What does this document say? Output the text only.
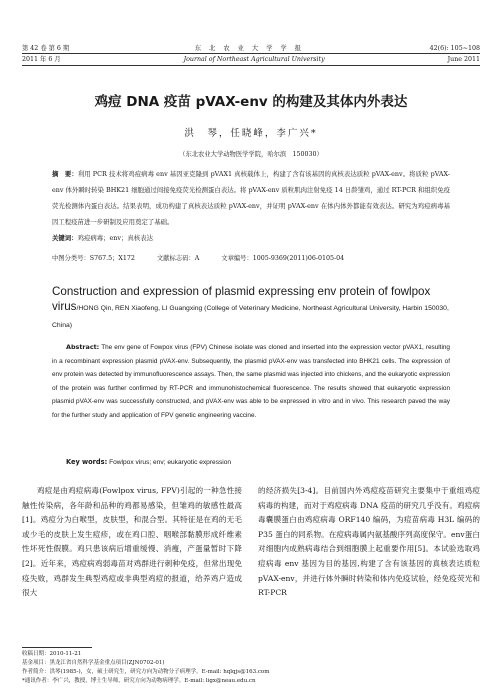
第 42 卷 第 6 期	东 北 农 业 大 学 学 报	42(6): 105~108
2011 年 6 月	Journal of Northeast Agricultural University	June 2011
鸡痘 DNA 疫苗 pVAX-env 的构建及其体内外表达
洪　琴，任晓峰，李广兴*
（东北农业大学动物医学学院，哈尔滨　150030）
摘　要：利用 PCR 技术将鸡痘病毒 env 基因亚克隆到 pVAX1 真核载体上，构建了含有该基因的真核表达质粒 pVAX-env。将质粒 pVAX-env 体外瞬时转染 BHK21 细胞通过间接免疫荧光检测蛋白表达。将 pVAX-env 质粒肌肉注射免疫 14 日龄雏鸡，通过 RT-PCR 和组织免疫荧光检测体内蛋白表达。结果表明，成功构建了真核表达质粒 pVAX-env，并证明 pVAX-env 在体内体外都能有效表达。研究为鸡痘病毒基因工程疫苗进一步研制及应用奠定了基础。
关键词：鸡痘病毒；env；真核表达
中图分类号：S767.5；X172	文献标志码：A	文章编号：1005-9369(2011)06-0105-04
Construction and expression of plasmid expressing env protein of fowlpox virus/HONG Qin, REN Xiaofeng, LI Guangxing (College of Veterinary Medicine, Northeast Agricultural University, Harbin 150030, China)
Abstract: The env gene of Fowpox virus (FPV) Chinese isolate was cloned and inserted into the expression vector pVAX1, resulting in a recombinant expression plasmid pVAX-env. Subsequently, the plasmid pVAX-env was transfected into BHK21 cells. The expression of env protein was detected by immunofluorescence assays. Then, the same plasmid was injected into chickens, and the eukaryotic expression of the protein was further confirmed by RT-PCR and immunohistochemical fluorescence. The results showed that eukaryotic expression plasmid pVAX-env was successfully constructed, and pVAX-env was able to be expressed in vitro and in vivo. This research paved the way for the further study and application of FPV genetic engineering vaccine.
Key words: Fowlpox virus; env; eukaryotic expression
鸡痘是由鸡痘病毒(Fowlpox virus, FPV)引起的一种急性接触性传染病，各年龄和品种的鸡都易感染，但雏鸡的敏感性最高[1]。鸡痘分为白喉型，皮肤型，和混合型。其特征是在鸡的无毛或少毛的皮肤上发生痘疹，或在鸡口腔、咽喉部黏膜形成纤维素性坏死性假膜。鸡只患该病后增重缓慢、消瘦，产蛋量暂时下降[2]。近年来，鸡痘病鸡弱毒苗对鸡群进行刺种免疫，但常出现免疫失败，鸡群发生典型鸡痘或非典型鸡痘的报道，给养鸡户造成很大
的经济损失[3-4]。目前国内外鸡痘疫苗研究主要集中于重组鸡痘病毒的构建，而对于鸡痘病毒 DNA 疫苗的研究几乎没有。鸡痘病毒囊膜蛋白由鸡痘病毒 ORF140 编码，为痘苗病毒 H3L 编码的 P35 蛋白的同系物。在痘病毒属内氨基酸序列高度保守。env蛋白对细胞内成熟病毒结合到细胞膜上起重要作用[5]。本试验选取鸡痘病毒 env 基因为目的基因,构建了含有该基因的真核表达质粒 pVAX-env，并进行体外瞬时转染和体内免疫试验，经免疫荧光和 RT-PCR
收稿日期：2010-11-21
基金项目：黑龙江省自然科学基金重点项目(ZJN0702-01)
作者简介：洪琴(1985-)，女，硕士研究生，研究方向为动物分子病理学。E-mail: hqlqjs@163.com
*通讯作者：李广兴，教授，博士生导师，研究方向为动物病理学。E-mail: ligx@neau.edu.cn
